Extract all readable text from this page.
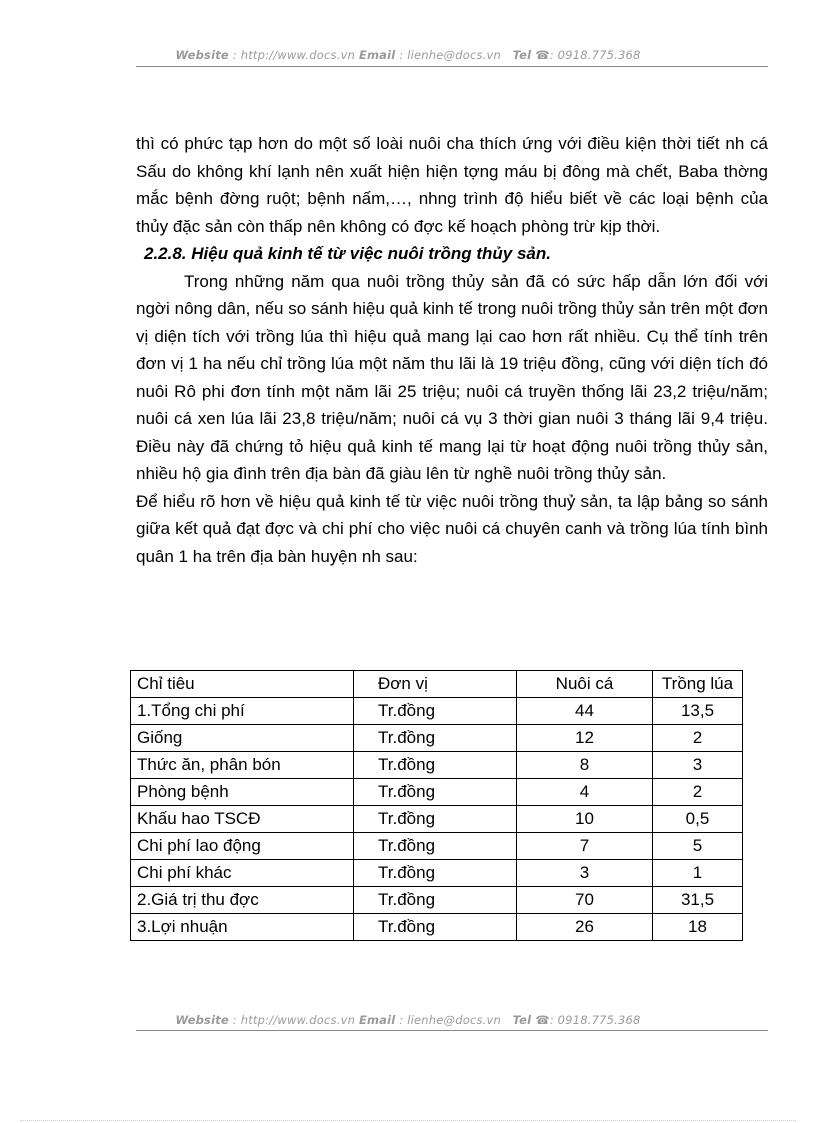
Website : http://www.docs.vn Email : lienhe@docs.vn Tel ☎: 0918.775.368

thì có phức tạp hơn do một số loài nuôi cha thích ứng với điều kiện thời tiết nh cá Sấu do không khí lạnh nên xuất hiện hiện tợng máu bị đông mà chết, Baba thờng mắc bệnh đờng ruột; bệnh nấm,…, nhng trình độ hiểu biết về các loại bệnh của thủy đặc sản còn thấp nên không có đợc kế hoạch phòng trừ kịp thời.

2.2.8. Hiệu quả kinh tế từ việc nuôi trồng thủy sản.

Trong những năm qua nuôi trồng thủy sản đã có sức hấp dẫn lớn đối với ngời nông dân, nếu so sánh hiệu quả kinh tế trong nuôi trồng thủy sản trên một đơn vị diện tích với trồng lúa thì hiệu quả mang lại cao hơn rất nhiều. Cụ thể tính trên đơn vị 1 ha nếu chỉ trồng lúa một năm thu lãi là 19 triệu đồng, cũng với diện tích đó nuôi Rô phi đơn tính một năm lãi 25 triệu; nuôi cá truyền thống lãi 23,2 triệu/năm; nuôi cá xen lúa lãi 23,8 triệu/năm; nuôi cá vụ 3 thời gian nuôi 3 tháng lãi 9,4 triệu. Điều này đã chứng tỏ hiệu quả kinh tế mang lại từ hoạt động nuôi trồng thủy sản, nhiều hộ gia đình trên địa bàn đã giàu lên từ nghề nuôi trồng thủy sản.

Để hiểu rõ hơn về hiệu quả kinh tế từ việc nuôi trồng thuỷ sản, ta lập bảng so sánh giữa kết quả đạt đợc và chi phí cho việc nuôi cá chuyên canh và trồng lúa tính bình quân 1 ha trên địa bàn huyện nh sau:

Chỉ tiêu	Đơn vị	Nuôi cá	Trồng lúa
1.Tổng chi phí	Tr.đồng	44	13,5
Giống	Tr.đồng	12	2
Thức ăn, phân bón	Tr.đồng	8	3
Phòng bệnh	Tr.đồng	4	2
Khấu hao TSCĐ	Tr.đồng	10	0,5
Chi phí lao động	Tr.đồng	7	5
Chi phí khác	Tr.đồng	3	1
2.Giá trị thu đợc	Tr.đồng	70	31,5
3.Lợi nhuận	Tr.đồng	26	18
Website : http://www.docs.vn Email : lienhe@docs.vn Tel ☎: 0918.775.368
